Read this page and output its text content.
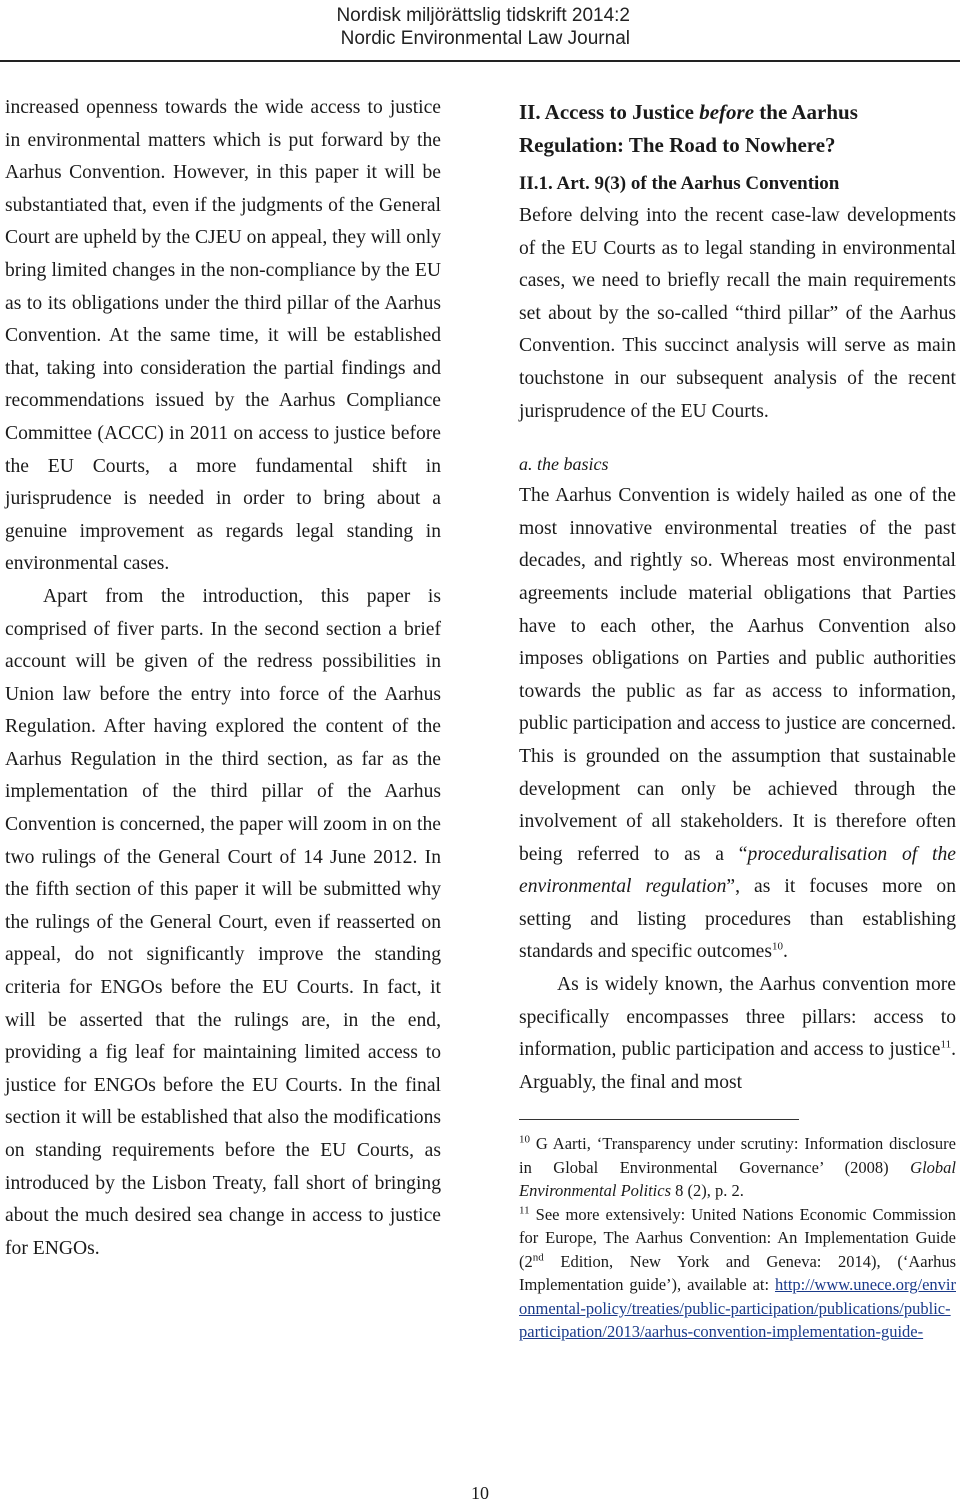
Nordisk miljörättslig tidskrift 2014:2
Nordic Environmental Law Journal

increased openness towards the wide access to justice in environmental matters which is put forward by the Aarhus Convention. However, in this paper it will be substantiated that, even if the judgments of the General Court are upheld by the CJEU on appeal, they will only bring limited changes in the non-compliance by the EU as to its obligations under the third pillar of the Aarhus Convention. At the same time, it will be established that, taking into consideration the partial findings and recommendations issued by the Aarhus Compliance Committee (ACCC) in 2011 on access to justice before the EU Courts, a more fundamental shift in jurisprudence is needed in order to bring about a genuine improvement as regards legal standing in environmental cases.

Apart from the introduction, this paper is comprised of fiver parts. In the second section a brief account will be given of the redress possibilities in Union law before the entry into force of the Aarhus Regulation. After having explored the content of the Aarhus Regulation in the third section, as far as the implementation of the third pillar of the Aarhus Convention is concerned, the paper will zoom in on the two rulings of the General Court of 14 June 2012. In the fifth section of this paper it will be submitted why the rulings of the General Court, even if reasserted on appeal, do not significantly improve the standing criteria for ENGOs before the EU Courts. In fact, it will be asserted that the rulings are, in the end, providing a fig leaf for maintaining limited access to justice for ENGOs before the EU Courts. In the final section it will be established that also the modifications on standing requirements before the EU Courts, as introduced by the Lisbon Treaty, fall short of bringing about the much desired sea change in access to justice for ENGOs.

II. Access to Justice before the Aarhus Regulation: The Road to Nowhere?
II.1. Art. 9(3) of the Aarhus Convention

Before delving into the recent case-law developments of the EU Courts as to legal standing in environmental cases, we need to briefly recall the main requirements set about by the so-called “third pillar” of the Aarhus Convention. This succinct analysis will serve as main touchstone in our subsequent analysis of the recent jurisprudence of the EU Courts.

a. the basics

The Aarhus Convention is widely hailed as one of the most innovative environmental treaties of the past decades, and rightly so. Whereas most environmental agreements include material obligations that Parties have to each other, the Aarhus Convention also imposes obligations on Parties and public authorities towards the public as far as access to information, public participation and access to justice are concerned. This is grounded on the assumption that sustainable development can only be achieved through the involvement of all stakeholders. It is therefore often being referred to as a “proceduralisation of the environmental regulation”, as it focuses more on setting and listing procedures than establishing standards and specific outcomes$^{10}$.

As is widely known, the Aarhus convention more specifically encompasses three pillars: access to information, public participation and access to justice$^{11}$. Arguably, the final and most

$^{10}$ G Aarti, ‘Transparency under scrutiny: Information disclosure in Global Environmental Governance’ (2008) Global Environmental Politics 8 (2), p. 2.

$^{11}$ See more extensively: United Nations Economic Commission for Europe, The Aarhus Convention: An Implementation Guide (2nd Edition, New York and Geneva: 2014), (‘Aarhus Implementation guide’), available at: http://www.unece.org/environmental-policy/treaties/public-participation/publications/public-participation/2013/aarhus-convention-implementation-guide-

10
